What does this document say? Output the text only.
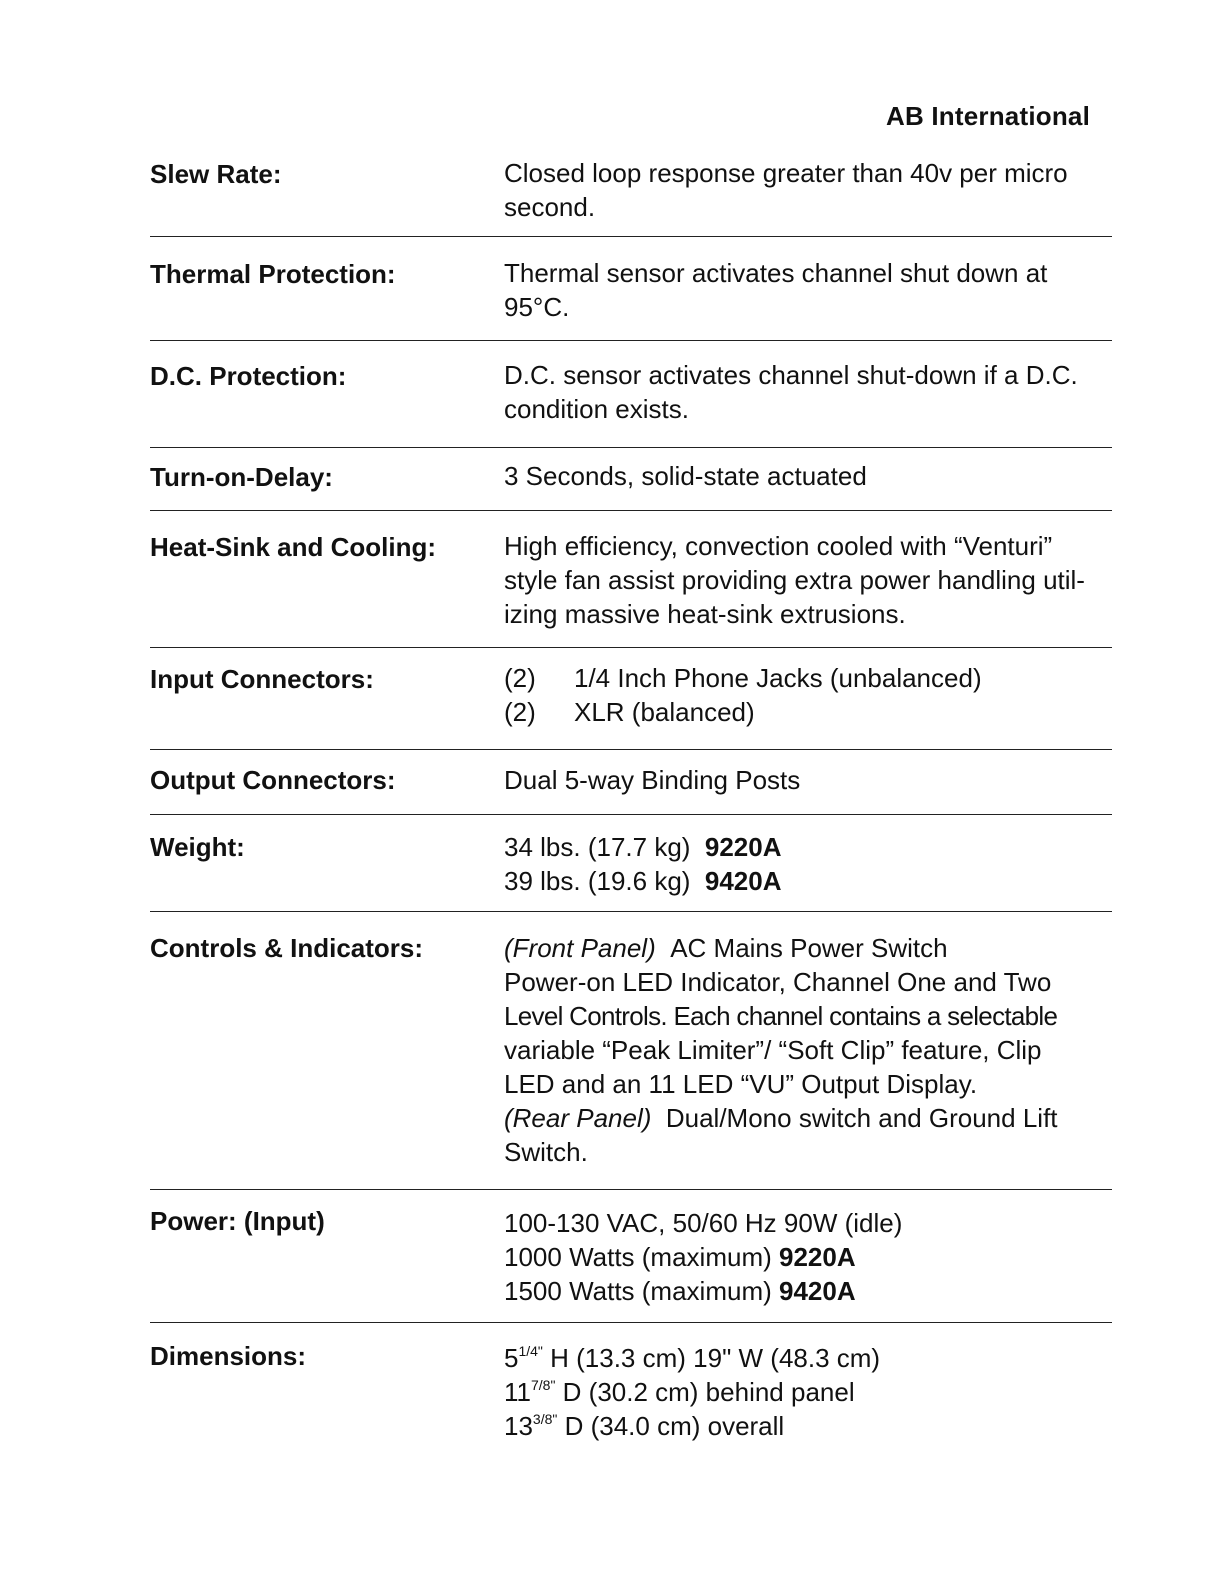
AB International
Slew Rate:	Closed loop response greater than 40v per micro
second.
Thermal Protection:	Thermal sensor activates channel shut down at
95°C.
D.C. Protection:	D.C. sensor activates channel shut-down if a D.C.
condition exists.
Turn-on-Delay:	3 Seconds, solid-state actuated
Heat-Sink and Cooling:	High efficiency, convection cooled with “Venturi”
style fan assist providing extra power handling util-
izing massive heat-sink extrusions.
Input Connectors:	(2) 1/4 Inch Phone Jacks (unbalanced)
(2) XLR (balanced)
Output Connectors:	Dual 5-way Binding Posts
Weight:	34 lbs. (17.7 kg) 9220A
39 lbs. (19.6 kg) 9420A
Controls & Indicators:	(Front Panel) AC Mains Power Switch
Power-on LED Indicator, Channel One and Two
Level Controls. Each channel contains a selectable
variable “Peak Limiter”/ “Soft Clip” feature, Clip
LED and an 11 LED “VU” Output Display.
(Rear Panel) Dual/Mono switch and Ground Lift
Switch.
Power: (Input)	100-130 VAC, 50/60 Hz 90W (idle)
1000 Watts (maximum) 9220A
1500 Watts (maximum) 9420A
Dimensions:	$5^{1/4"}$ H (13.3 cm) 19" W (48.3 cm)
$11^{7/8"}$ D (30.2 cm) behind panel
$13^{3/8"}$ D (34.0 cm) overall
